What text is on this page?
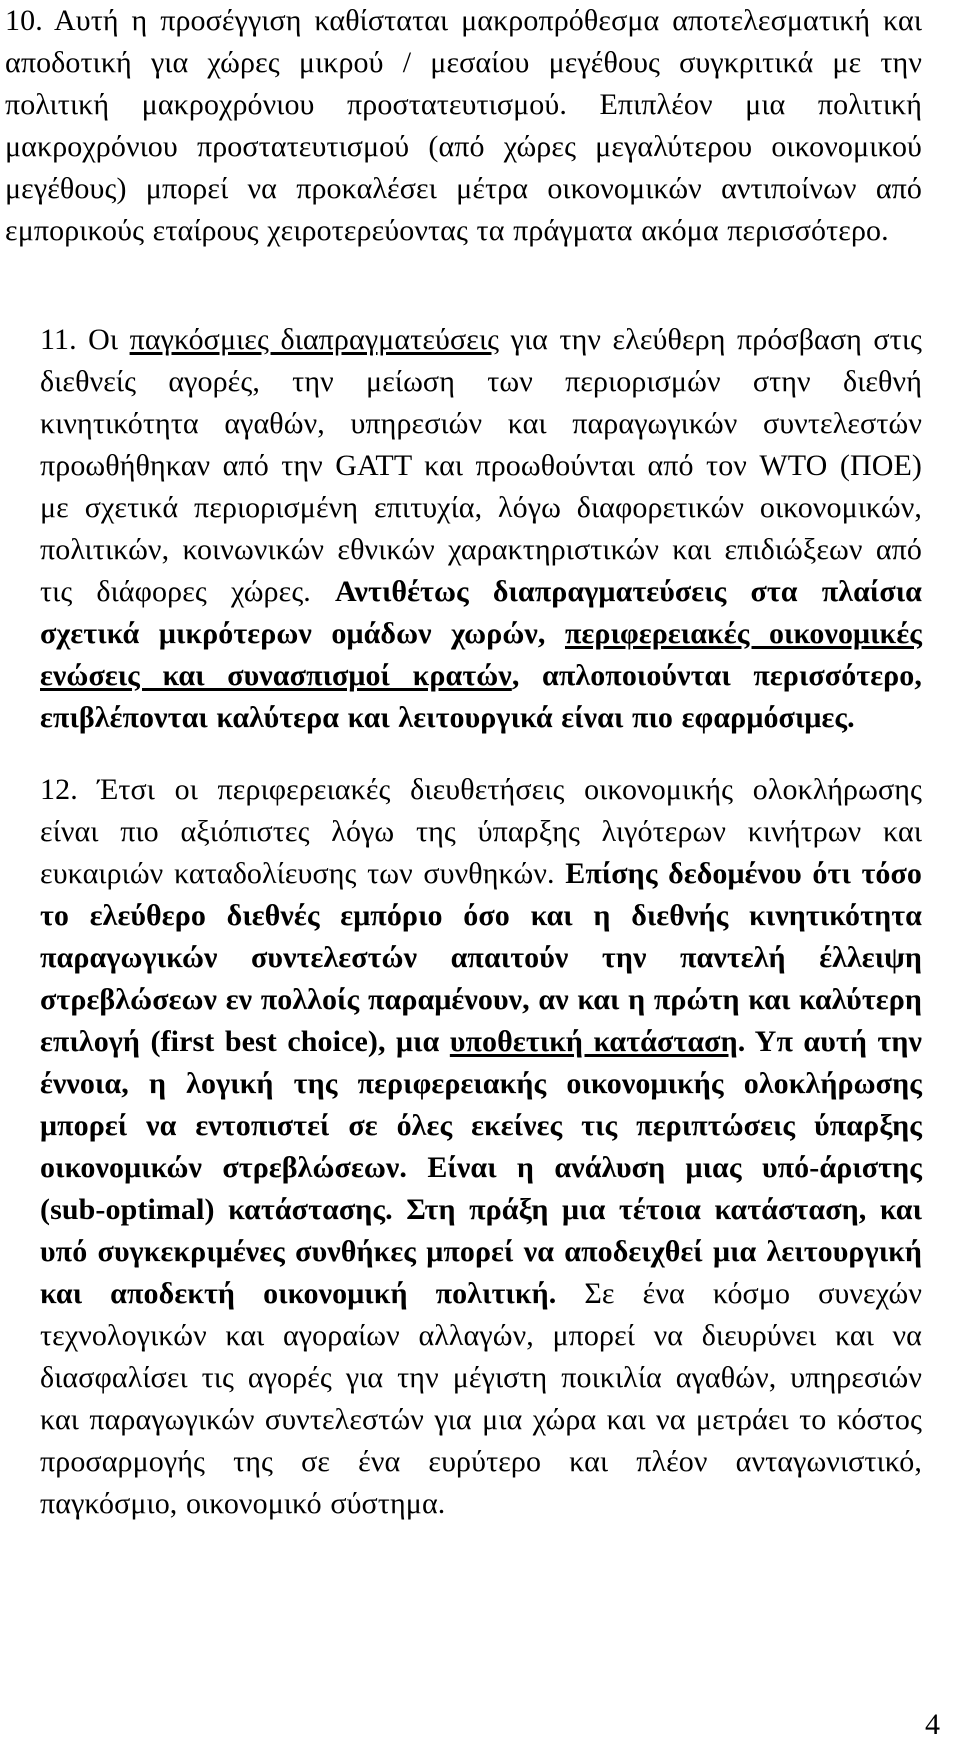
10. Αυτή η προσέγγιση καθίσταται μακροπρόθεσμα αποτελεσματική και αποδοτική για χώρες μικρού / μεσαίου μεγέθους συγκριτικά με την πολιτική μακροχρόνιου προστατευτισμού. Επιπλέον μια πολιτική μακροχρόνιου προστατευτισμού (από χώρες μεγαλύτερου οικονομικού μεγέθους) μπορεί να προκαλέσει μέτρα οικονομικών αντιποίνων από εμπορικούς εταίρους χειροτερεύοντας τα πράγματα ακόμα περισσότερο.

11. Οι παγκόσμιες διαπραγματεύσεις για την ελεύθερη πρόσβαση στις διεθνείς αγορές, την μείωση των περιορισμών στην διεθνή κινητικότητα αγαθών, υπηρεσιών και παραγωγικών συντελεστών προωθήθηκαν από την GATT και προωθούνται από τον WTO (ΠΟΕ) με σχετικά περιορισμένη επιτυχία, λόγω διαφορετικών οικονομικών, πολιτικών, κοινωνικών εθνικών χαρακτηριστικών και επιδιώξεων από τις διάφορες χώρες. Αντιθέτως διαπραγματεύσεις στα πλαίσια σχετικά μικρότερων ομάδων χωρών, περιφερειακές οικονομικές ενώσεις και συνασπισμοί κρατών, απλοποιούνται περισσότερο, επιβλέπονται καλύτερα και λειτουργικά είναι πιο εφαρμόσιμες.

12. Έτσι οι περιφερειακές διευθετήσεις οικονομικής ολοκλήρωσης είναι πιο αξιόπιστες λόγω της ύπαρξης λιγότερων κινήτρων και ευκαιριών καταδολίευσης των συνθηκών. Επίσης δεδομένου ότι τόσο το ελεύθερο διεθνές εμπόριο όσο και η διεθνής κινητικότητα παραγωγικών συντελεστών απαιτούν την παντελή έλλειψη στρεβλώσεων εν πολλοίς παραμένουν, αν και η πρώτη και καλύτερη επιλογή (first best choice), μια υποθετική κατάσταση. Υπ αυτή την έννοια, η λογική της περιφερειακής οικονομικής ολοκλήρωσης μπορεί να εντοπιστεί σε όλες εκείνες τις περιπτώσεις ύπαρξης οικονομικών στρεβλώσεων. Είναι η ανάλυση μιας υπό-άριστης (sub-optimal) κατάστασης. Στη πράξη μια τέτοια κατάσταση, και υπό συγκεκριμένες συνθήκες μπορεί να αποδειχθεί μια λειτουργική και αποδεκτή οικονομική πολιτική. Σε ένα κόσμο συνεχών τεχνολογικών και αγοραίων αλλαγών, μπορεί να διευρύνει και να διασφαλίσει τις αγορές για την μέγιστη ποικιλία αγαθών, υπηρεσιών και παραγωγικών συντελεστών για μια χώρα και να μετράει το κόστος προσαρμογής της σε ένα ευρύτερο και πλέον ανταγωνιστικό, παγκόσμιο, οικονομικό σύστημα.

4
